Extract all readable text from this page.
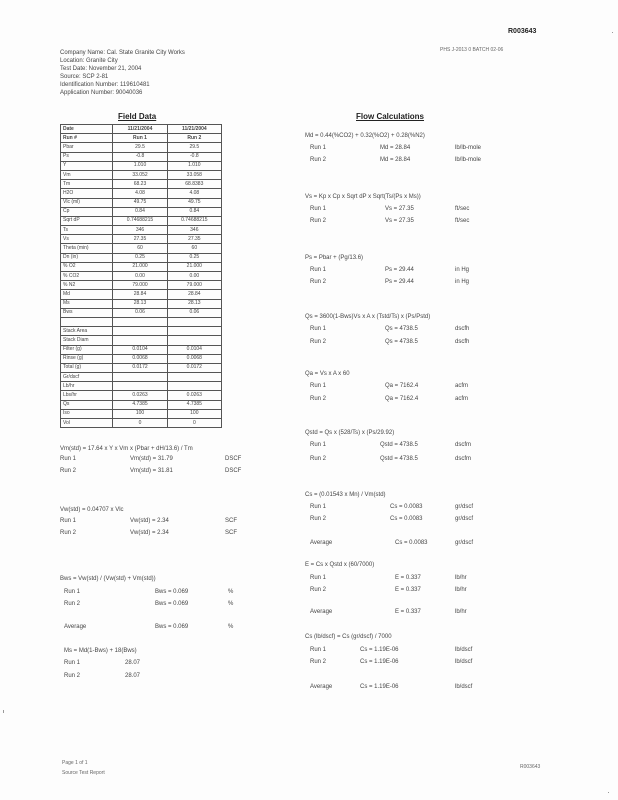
R003643
PHS J-2013 0 BATCH 02-06
Company Name: Cal. State Granite City Works
Location: Granite City
Test Date: November 21, 2004
Source: SCP 2-81
Identification Number: 119610481
Application Number: 90040036
Field Data
Date	11/21/2004	11/21/2004
Run #	Run 1	Run 2
Pbar	29.5	29.5
Ps	-0.8	-0.8
Y	1.010	1.010
Vm	33.052	33.058
Tm	68.23	68.8383
H2O	4.08	4.08
Vlc (ml)	49.75	49.75
Cp	0.84	0.84
Sqrt dP	0.74688215	0.74688215
Ts	346	346
Vs	27.35	27.35
Theta (min)	60	60
Dn (in)	0.25	0.25
% O2	21.000	21.000
% CO2	0.00	0.00
% N2	79.000	79.000
Md	28.84	28.84
Ms	28.13	28.13
Bws	0.06	0.06

Stack Area		
Stack Diam		
Filter (g)	0.0104	0.0104
Rinse (g)	0.0068	0.0068
Total (g)	0.0172	0.0172
Gr/dscf		
Lb/hr		
Lbs/hr	0.0263	0.0263
Qs	4.7385	4.7385
Iso	100	100
Vol	0	0
Vm(std) = 17.64 x Y x Vm x (Pbar + dH/13.6) / Tm
Run 1	Vm(std) = 31.79	DSCF
Run 2	Vm(std) = 31.81	DSCF
Vw(std) = 0.04707 x Vlc
Run 1	Vw(std) = 2.34	SCF
Run 2	Vw(std) = 2.34	SCF
Bws = Vw(std) / (Vw(std) + Vm(std))
Run 1	Bws = 0.069	%
Run 2	Bws = 0.069	%
Average	Bws = 0.069	%
Ms = Md(1-Bws) + 18(Bws)
Run 1	28.07
Run 2	28.07
Flow Calculations
Md = 0.44(%CO2) + 0.32(%O2) + 0.28(%N2)
Run 1	Md = 28.84	lb/lb-mole
Run 2	Md = 28.84	lb/lb-mole
Vs = Kp x Cp x Sqrt dP x Sqrt(Ts/(Ps x Ms))
Run 1	Vs = 27.35	ft/sec
Run 2	Vs = 27.35	ft/sec
Ps = Pbar + (Pg/13.6)
Run 1	Ps = 29.44	in Hg
Run 2	Ps = 29.44	in Hg
Qs = 3600(1-Bws)Vs x A x (Tstd/Ts) x (Ps/Pstd)
Run 1	Qs = 4738.5	dscfh
Run 2	Qs = 4738.5	dscfh
Qa = Vs x A x 60
Run 1	Qa = 7162.4	acfm
Run 2	Qa = 7162.4	acfm
Qstd = Qs x (528/Ts) x (Ps/29.92)
Run 1	Qstd = 4738.5	dscfm
Run 2	Qstd = 4738.5	dscfm
Cs = (0.01543 x Mn) / Vm(std)
Run 1	Cs = 0.0083	gr/dscf
Run 2	Cs = 0.0083	gr/dscf
Average	Cs = 0.0083	gr/dscf
E = Cs x Qstd x (60/7000)
Run 1	E = 0.337	lb/hr
Run 2	E = 0.337	lb/hr
Average	E = 0.337	lb/hr
Cs (lb/dscf) = Cs (gr/dscf) / 7000
Run 1	Cs = 1.19E-06	lb/dscf
Run 2	Cs = 1.19E-06	lb/dscf
Average	Cs = 1.19E-06	lb/dscf
Page 1 of 1
Source Test Report
R003643
